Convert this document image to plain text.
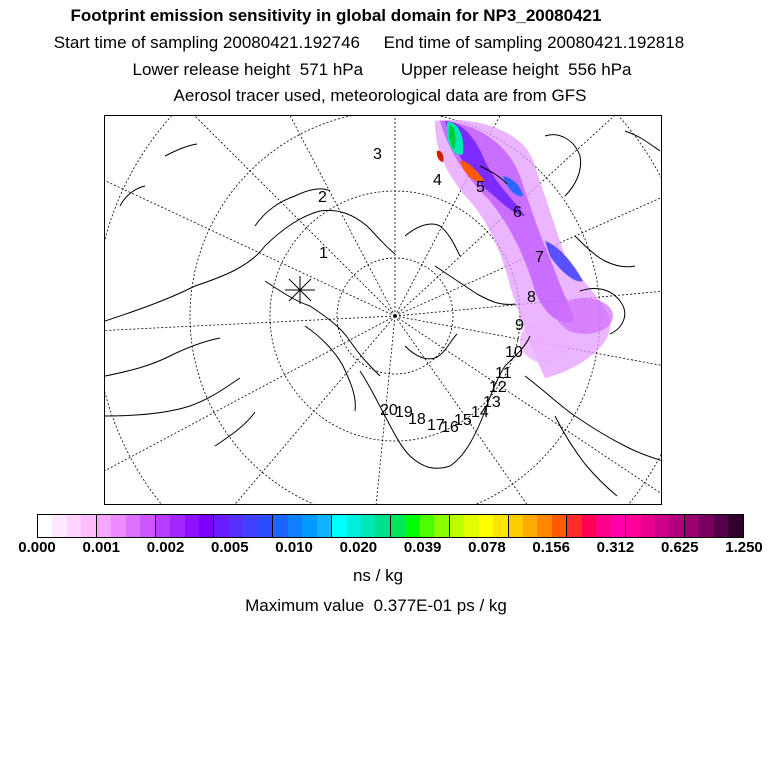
Footprint emission sensitivity in global domain for NP3_20080421
Start time of sampling 20080421.192746     End time of sampling 20080421.192818
Lower release height  571 hPa        Upper release height  556 hPa
Aerosol tracer used, meteorological data are from GFS
1
2
3
4 5
6
7
8
9
10
11
12
13
14
15
16
17
18
19
20
0.000 0.001 0.002 0.005 0.010 0.020 0.039 0.078 0.156 0.312 0.625 1.250
ns / kg
Maximum value  0.377E-01 ps / kg
